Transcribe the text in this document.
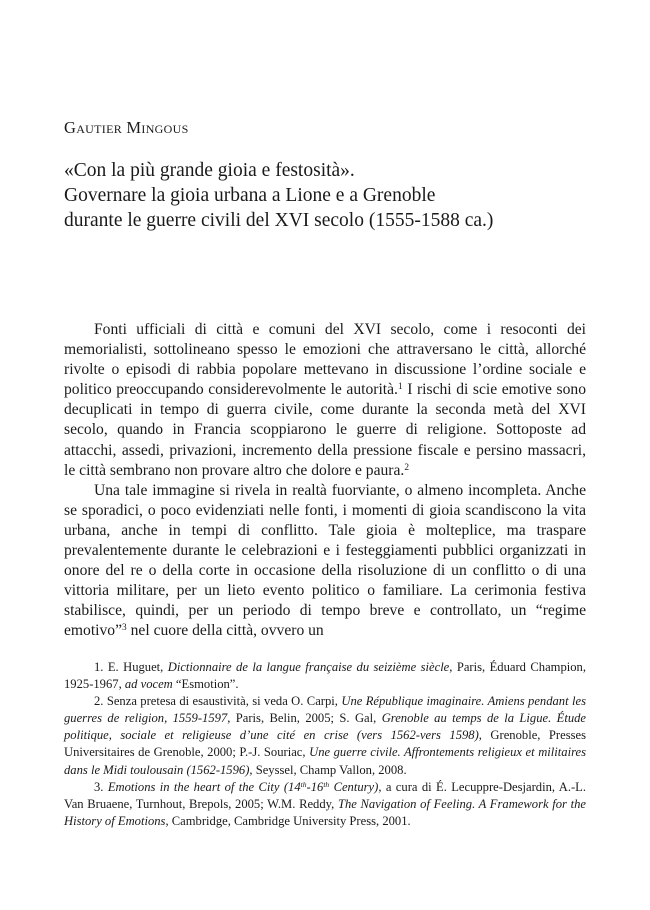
Gautier Mingous
«Con la più grande gioia e festosità».
Governare la gioia urbana a Lione e a Grenoble
durante le guerre civili del XVI secolo (1555-1588 ca.)

Fonti ufficiali di città e comuni del XVI secolo, come i resoconti dei memorialisti, sottolineano spesso le emozioni che attraversano le città, allorché rivolte o episodi di rabbia popolare mettevano in discussione l’ordine sociale e politico preoccupando considerevolmente le autorità.$^1$ I rischi di scie emotive sono decuplicati in tempo di guerra civile, come durante la seconda metà del XVI secolo, quando in Francia scoppiarono le guerre di religione. Sottoposte ad attacchi, assedi, privazioni, incremento della pressione fiscale e persino massacri, le città sembrano non provare altro che dolore e paura.$^2$

Una tale immagine si rivela in realtà fuorviante, o almeno incompleta. Anche se sporadici, o poco evidenziati nelle fonti, i momenti di gioia scandiscono la vita urbana, anche in tempi di conflitto. Tale gioia è molteplice, ma traspare prevalentemente durante le celebrazioni e i festeggiamenti pubblici organizzati in onore del re o della corte in occasione della risoluzione di un conflitto o di una vittoria militare, per un lieto evento politico o familiare. La cerimonia festiva stabilisce, quindi, per un periodo di tempo breve e controllato, un “regime emotivo”$^3$ nel cuore della città, ovvero un

1. E. Huguet, Dictionnaire de la langue française du seizième siècle, Paris, Éduard Champion, 1925-1967, ad vocem “Esmotion”.

2. Senza pretesa di esaustività, si veda O. Carpi, Une République imaginaire. Amiens pendant les guerres de religion, 1559-1597, Paris, Belin, 2005; S. Gal, Grenoble au temps de la Ligue. Étude politique, sociale et religieuse d’une cité en crise (vers 1562-vers 1598), Grenoble, Presses Universitaires de Grenoble, 2000; P.-J. Souriac, Une guerre civile. Affrontements religieux et militaires dans le Midi toulousain (1562-1596), Seyssel, Champ Vallon, 2008.

3. Emotions in the heart of the City (14th-16th Century), a cura di É. Lecuppre-Desjardin, A.-L. Van Bruaene, Turnhout, Brepols, 2005; W.M. Reddy, The Navigation of Feeling. A Framework for the History of Emotions, Cambridge, Cambridge University Press, 2001.
